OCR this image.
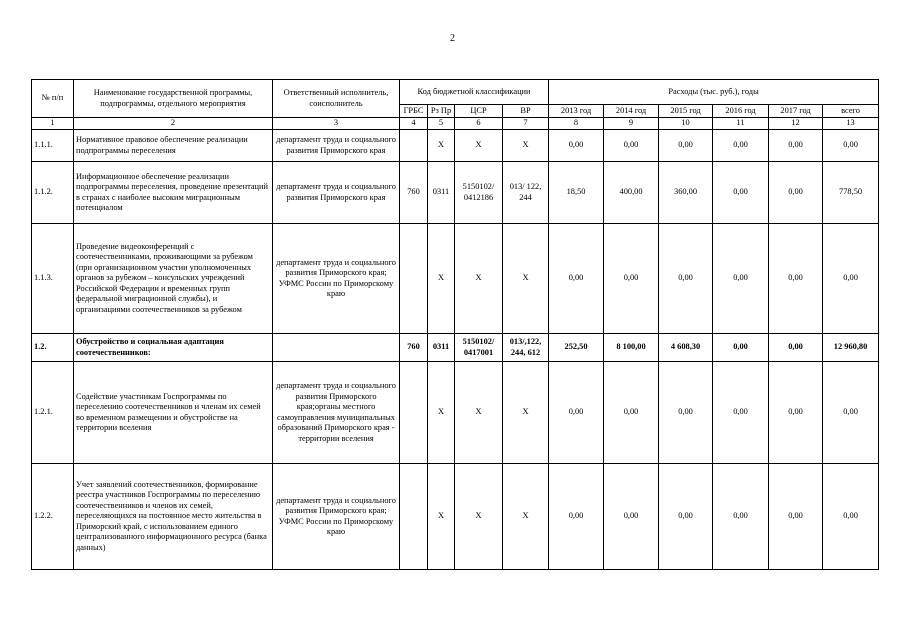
2
№ п/п	Наименование государственной программы, подпрограммы, отдельного мероприятия	Ответственный исполнитель, соисполнитель	Код бюджетной классификации				Расходы (тыс. руб.), годы					
			ГРБС	Рз Пр	ЦСР	ВР	2013 год	2014 год	2015 год	2016 год	2017 год	всего
1	2	3	4	5	6	7	8	9	10	11	12	13
1.1.1.	Нормативное правовое обеспечение реализации подпрограммы переселения	департамент труда и социального развития Приморского края		Х	Х	Х	0,00	0,00	0,00	0,00	0,00	0,00
1.1.2.	Информационное обеспечение реализации подпрограммы переселения, проведение презентаций в странах с наиболее высоким миграционным потенциалом	департамент труда и социального развития Приморского края	760	0311	5150102/ 0412186	013/ 122, 244	18,50	400,00	360,00	0,00	0,00	778,50
1.1.3.	Проведение видеоконференций с соотечественниками, проживающими за рубежом (при организационном участии уполномоченных органов за рубежом – консульских учреждений Российской Федерации и временных групп федеральной миграционной службы), и организациями соотечественников за рубежом	департамент труда и социального развития Приморского края; УФМС России по Приморскому краю		Х	Х	Х	0,00	0,00	0,00	0,00	0,00	0,00
1.2.	Обустройство и социальная адаптация соотечественников:		760	0311	5150102/ 0417001	013/,122, 244, 612	252,50	8 100,00	4 608,30	0,00	0,00	12 960,80
1.2.1.	Содействие участникам Госпрограммы по переселению соотечественников и членам их семей во временном размещении и обустройстве на территории вселения	департамент труда и социального развития Приморского края;органы местного самоуправления муниципальных образований Приморского края - территории вселения		Х	Х	Х	0,00	0,00	0,00	0,00	0,00	0,00
1.2.2.	Учет заявлений соотечественников, формирование реестра участников Госпрограммы по переселению соотечественников и членов их семей, переселяющихся на постоянное место жительства в Приморский край, с использованием единого централизованного информационного ресурса (банка данных)	департамент труда и социального развития Приморского края; УФМС России по Приморскому краю		Х	Х	Х	0,00	0,00	0,00	0,00	0,00	0,00
